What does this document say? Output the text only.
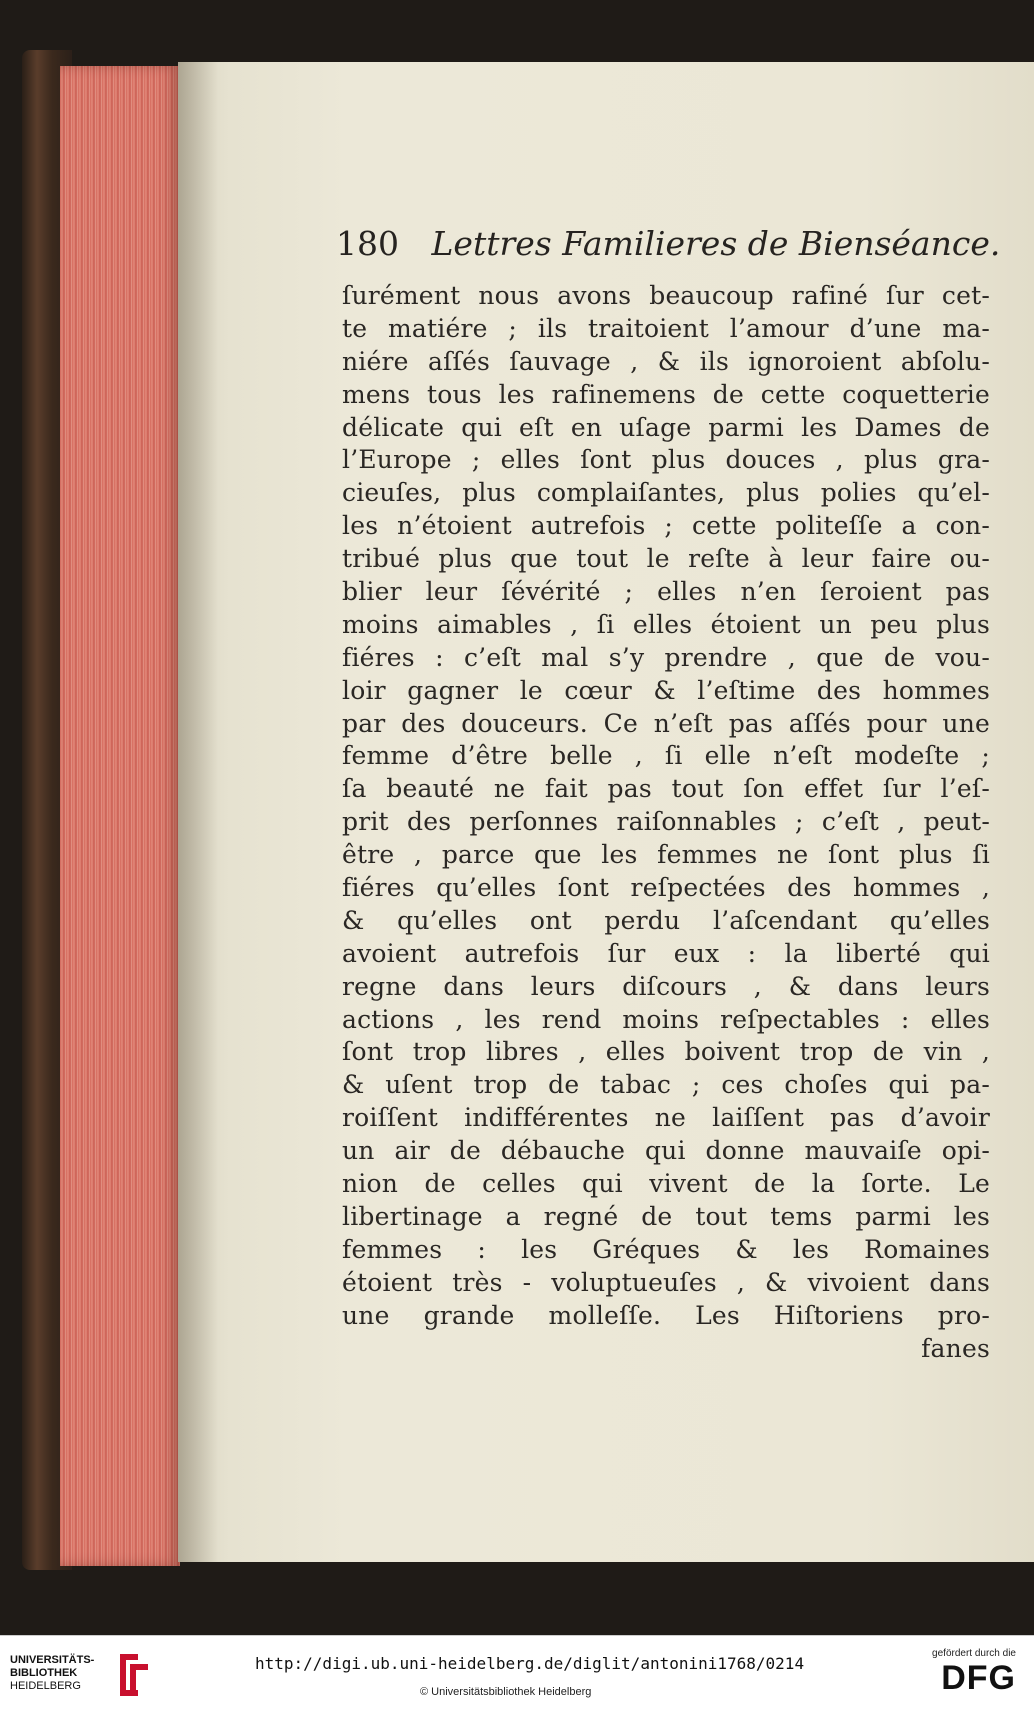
180 Lettres Familieres de Bienséance.
ſurément nous avons beaucoup rafiné ſur cet-
te matiére ; ils traitoient l’amour d’une ma-
niére aſſés ſauvage , & ils ignoroient abſolu-
mens tous les rafinemens de cette coquetterie
délicate qui eſt en uſage parmi les Dames de
l’Europe ; elles ſont plus douces , plus gra-
cieuſes, plus complaiſantes, plus polies qu’el-
les n’étoient autrefois ; cette politeſſe a con-
tribué plus que tout le reſte à leur faire ou-
blier leur ſévérité ; elles n’en ſeroient pas
moins aimables , ſi elles étoient un peu plus
fiéres : c’eſt mal s’y prendre , que de vou-
loir gagner le cœur & l’eſtime des hommes
par des douceurs. Ce n’eſt pas aſſés pour une
femme d’être belle , ſi elle n’eſt modeſte ;
ſa beauté ne fait pas tout ſon effet ſur l’eſ-
prit des perſonnes raiſonnables ; c’eſt , peut-
être , parce que les femmes ne ſont plus ſi
fiéres qu’elles ſont reſpectées des hommes ,
& qu’elles ont perdu l’aſcendant qu’elles
avoient autrefois ſur eux : la liberté qui
regne dans leurs diſcours , & dans leurs
actions , les rend moins reſpectables : elles
ſont trop libres , elles boivent trop de vin ,
& uſent trop de tabac ; ces choſes qui pa-
roiſſent indifférentes ne laiſſent pas d’avoir
un air de débauche qui donne mauvaiſe opi-
nion de celles qui vivent de la ſorte. Le
libertinage a regné de tout tems parmi les
femmes : les Gréques & les Romaines
étoient très - voluptueuſes , & vivoient dans
une grande molleſſe. Les Hiſtoriens pro-
fanes
UNIVERSITÄTS-
BIBLIOTHEK
HEIDELBERG
http://digi.ub.uni-heidelberg.de/diglit/antonini1768/0214
© Universitätsbibliothek Heidelberg
gefördert durch die
DFG
